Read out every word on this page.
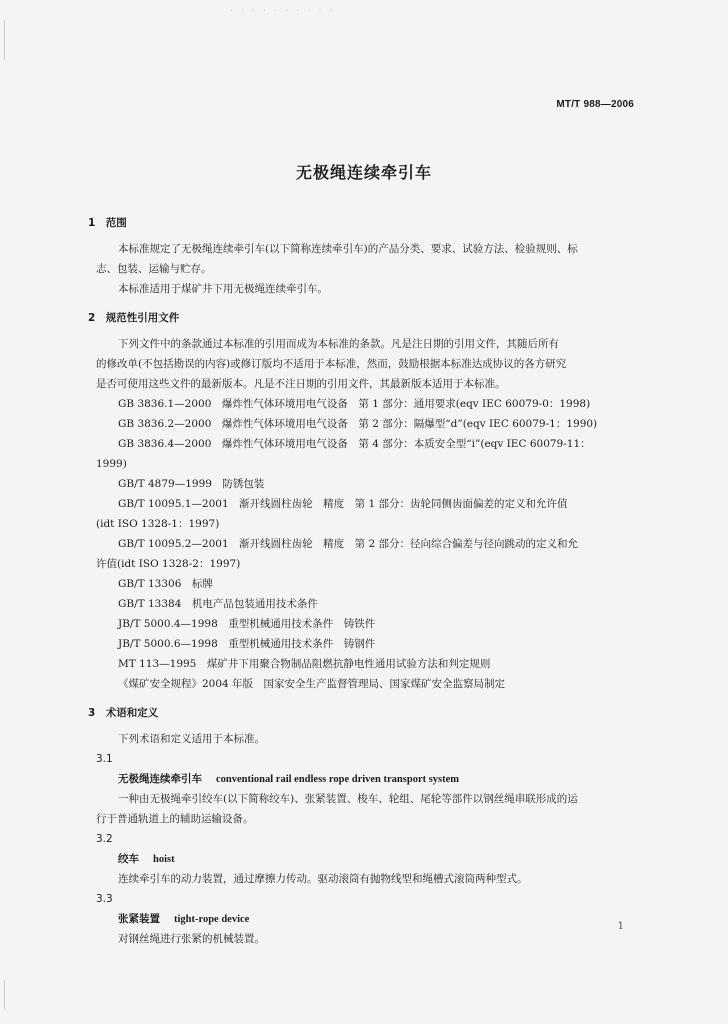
· · · · · · · · · ·
MT/T 988—2006
无极绳连续牵引车
1　范围
本标准规定了无极绳连续牵引车(以下简称连续牵引车)的产品分类、要求、试验方法、检验规则、标
志、包装、运输与贮存。
本标准适用于煤矿井下用无极绳连续牵引车。
2　规范性引用文件
下列文件中的条款通过本标准的引用而成为本标准的条款。凡是注日期的引用文件，其随后所有
的修改单(不包括勘误的内容)或修订版均不适用于本标准，然而，鼓励根据本标准达成协议的各方研究
是否可使用这些文件的最新版本。凡是不注日期的引用文件，其最新版本适用于本标准。
GB 3836.1—2000　爆炸性气体环境用电气设备　第 1 部分：通用要求(eqv IEC 60079-0：1998)
GB 3836.2—2000　爆炸性气体环境用电气设备　第 2 部分：隔爆型“d”(eqv IEC 60079-1：1990)
GB 3836.4—2000　爆炸性气体环境用电气设备　第 4 部分：本质安全型“i”(eqv IEC 60079-11：
1999)
GB/T 4879—1999　防锈包装
GB/T 10095.1—2001　渐开线圆柱齿轮　精度　第 1 部分：齿轮同侧齿面偏差的定义和允许值
(idt ISO 1328-1：1997)
GB/T 10095.2—2001　渐开线圆柱齿轮　精度　第 2 部分：径向综合偏差与径向跳动的定义和允
许值(idt ISO 1328-2：1997)
GB/T 13306　标牌
GB/T 13384　机电产品包装通用技术条件
JB/T 5000.4—1998　重型机械通用技术条件　铸铁件
JB/T 5000.6—1998　重型机械通用技术条件　铸钢件
MT 113—1995　煤矿井下用聚合物制品阻燃抗静电性通用试验方法和判定规则
《煤矿安全规程》2004 年版　国家安全生产监督管理局、国家煤矿安全监察局制定
3　术语和定义
下列术语和定义适用于本标准。
3.1
无极绳连续牵引车 conventional rail endless rope driven transport system
一种由无极绳牵引绞车(以下简称绞车)、张紧装置、梭车、轮组、尾轮等部件以钢丝绳串联形成的运
行于普通轨道上的辅助运输设备。
3.2
绞车 hoist
连续牵引车的动力装置，通过摩擦力传动。驱动滚筒有抛物线型和绳槽式滚筒两种型式。
3.3
张紧装置 tight-rope device
对钢丝绳进行张紧的机械装置。
1
